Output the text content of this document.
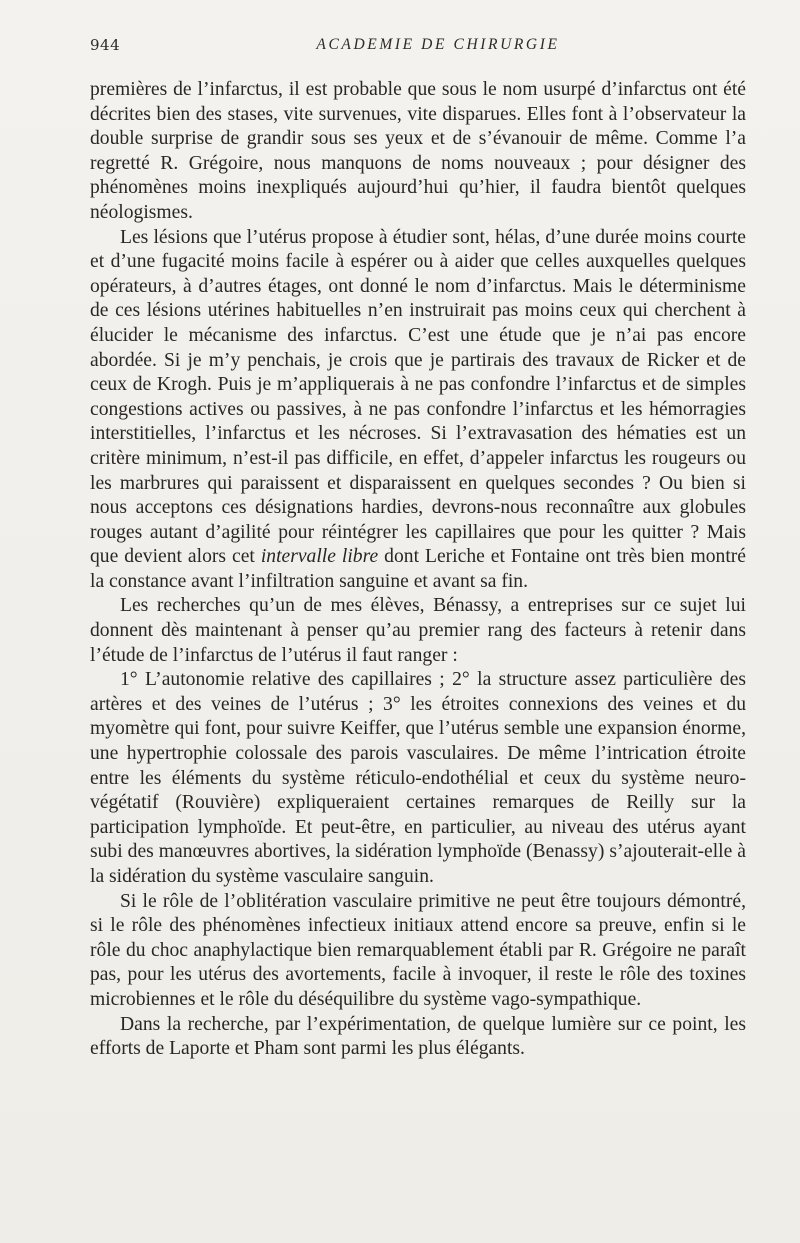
944	ACADEMIE DE CHIRURGIE

premières de l’infarctus, il est probable que sous le nom usurpé d’infarctus ont été décrites bien des stases, vite survenues, vite disparues. Elles font à l’observateur la double surprise de grandir sous ses yeux et de s’évanouir de même. Comme l’a regretté R. Grégoire, nous manquons de noms nouveaux ; pour désigner des phénomènes moins inexpliqués aujourd’hui qu’hier, il faudra bientôt quelques néologismes.

Les lésions que l’utérus propose à étudier sont, hélas, d’une durée moins courte et d’une fugacité moins facile à espérer ou à aider que celles auxquelles quelques opérateurs, à d’autres étages, ont donné le nom d’infarctus. Mais le déterminisme de ces lésions utérines habituelles n’en instruirait pas moins ceux qui cherchent à élucider le mécanisme des infarctus. C’est une étude que je n’ai pas encore abordée. Si je m’y penchais, je crois que je partirais des travaux de Ricker et de ceux de Krogh. Puis je m’appliquerais à ne pas confondre l’infarctus et de simples congestions actives ou passives, à ne pas confondre l’infarctus et les hémorragies interstitielles, l’infarctus et les nécroses. Si l’extravasation des hématies est un critère minimum, n’est-il pas difficile, en effet, d’appeler infarctus les rougeurs ou les marbrures qui paraissent et disparaissent en quelques secondes ? Ou bien si nous acceptons ces désignations hardies, devrons-nous reconnaître aux globules rouges autant d’agilité pour réintégrer les capillaires que pour les quitter ? Mais que devient alors cet intervalle libre dont Leriche et Fontaine ont très bien montré la constance avant l’infiltration sanguine et avant sa fin.

Les recherches qu’un de mes élèves, Bénassy, a entreprises sur ce sujet lui donnent dès maintenant à penser qu’au premier rang des facteurs à retenir dans l’étude de l’infarctus de l’utérus il faut ranger :

1° L’autonomie relative des capillaires ; 2° la structure assez particulière des artères et des veines de l’utérus ; 3° les étroites connexions des veines et du myomètre qui font, pour suivre Keiffer, que l’utérus semble une expansion énorme, une hypertrophie colossale des parois vasculaires. De même l’intrication étroite entre les éléments du système réticulo-endothélial et ceux du système neuro-végétatif (Rouvière) expliqueraient certaines remarques de Reilly sur la participation lymphoïde. Et peut-être, en particulier, au niveau des utérus ayant subi des manœuvres abortives, la sidération lymphoïde (Benassy) s’ajouterait-elle à la sidération du système vasculaire sanguin.

Si le rôle de l’oblitération vasculaire primitive ne peut être toujours démontré, si le rôle des phénomènes infectieux initiaux attend encore sa preuve, enfin si le rôle du choc anaphylactique bien remarquablement établi par R. Grégoire ne paraît pas, pour les utérus des avortements, facile à invoquer, il reste le rôle des toxines microbiennes et le rôle du déséquilibre du système vago-sympathique.

Dans la recherche, par l’expérimentation, de quelque lumière sur ce point, les efforts de Laporte et Pham sont parmi les plus élégants.
